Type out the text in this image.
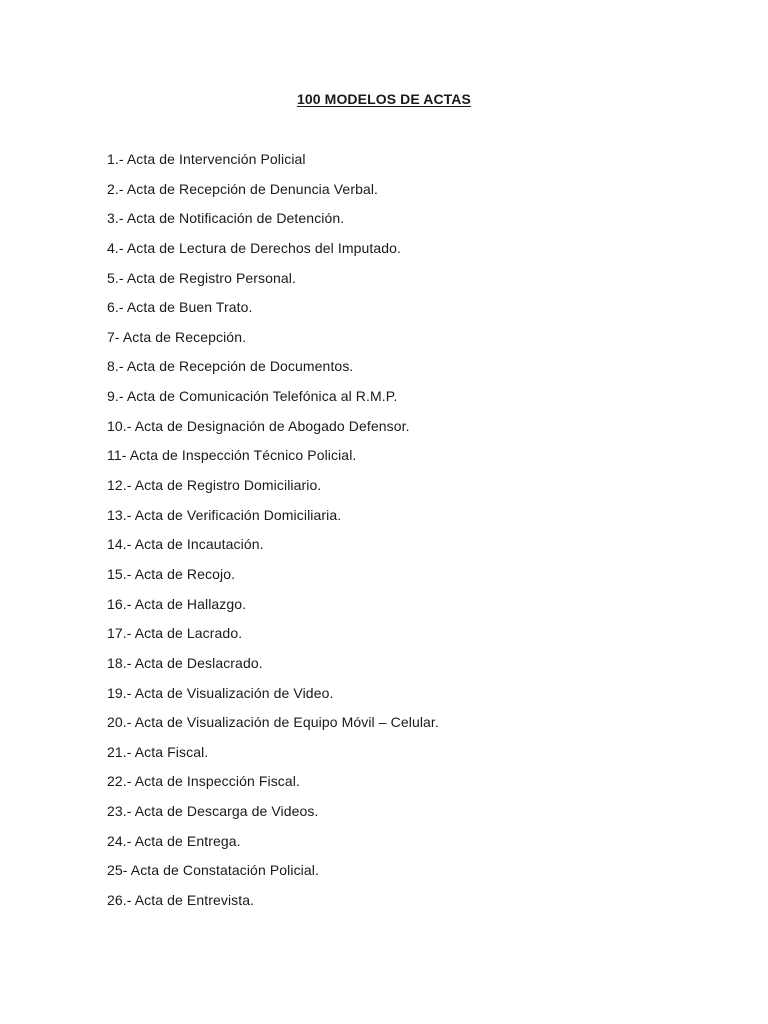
100 MODELOS DE ACTAS
1.- Acta de Intervención Policial
2.- Acta de Recepción de Denuncia Verbal.
3.- Acta de Notificación de Detención.
4.- Acta de Lectura de Derechos del Imputado.
5.- Acta de Registro Personal.
6.- Acta de Buen Trato.
7- Acta de Recepción.
8.- Acta de Recepción de Documentos.
9.- Acta de Comunicación Telefónica al R.M.P.
10.- Acta de Designación de Abogado Defensor.
11- Acta de Inspección Técnico Policial.
12.- Acta de Registro Domiciliario.
13.- Acta de Verificación Domiciliaria.
14.- Acta de Incautación.
15.- Acta de Recojo.
16.- Acta de Hallazgo.
17.- Acta de Lacrado.
18.- Acta de Deslacrado.
19.- Acta de Visualización de Video.
20.- Acta de Visualización de Equipo Móvil – Celular.
21.- Acta Fiscal.
22.- Acta de Inspección Fiscal.
23.- Acta de Descarga de Videos.
24.- Acta de Entrega.
25- Acta de Constatación Policial.
26.- Acta de Entrevista.
